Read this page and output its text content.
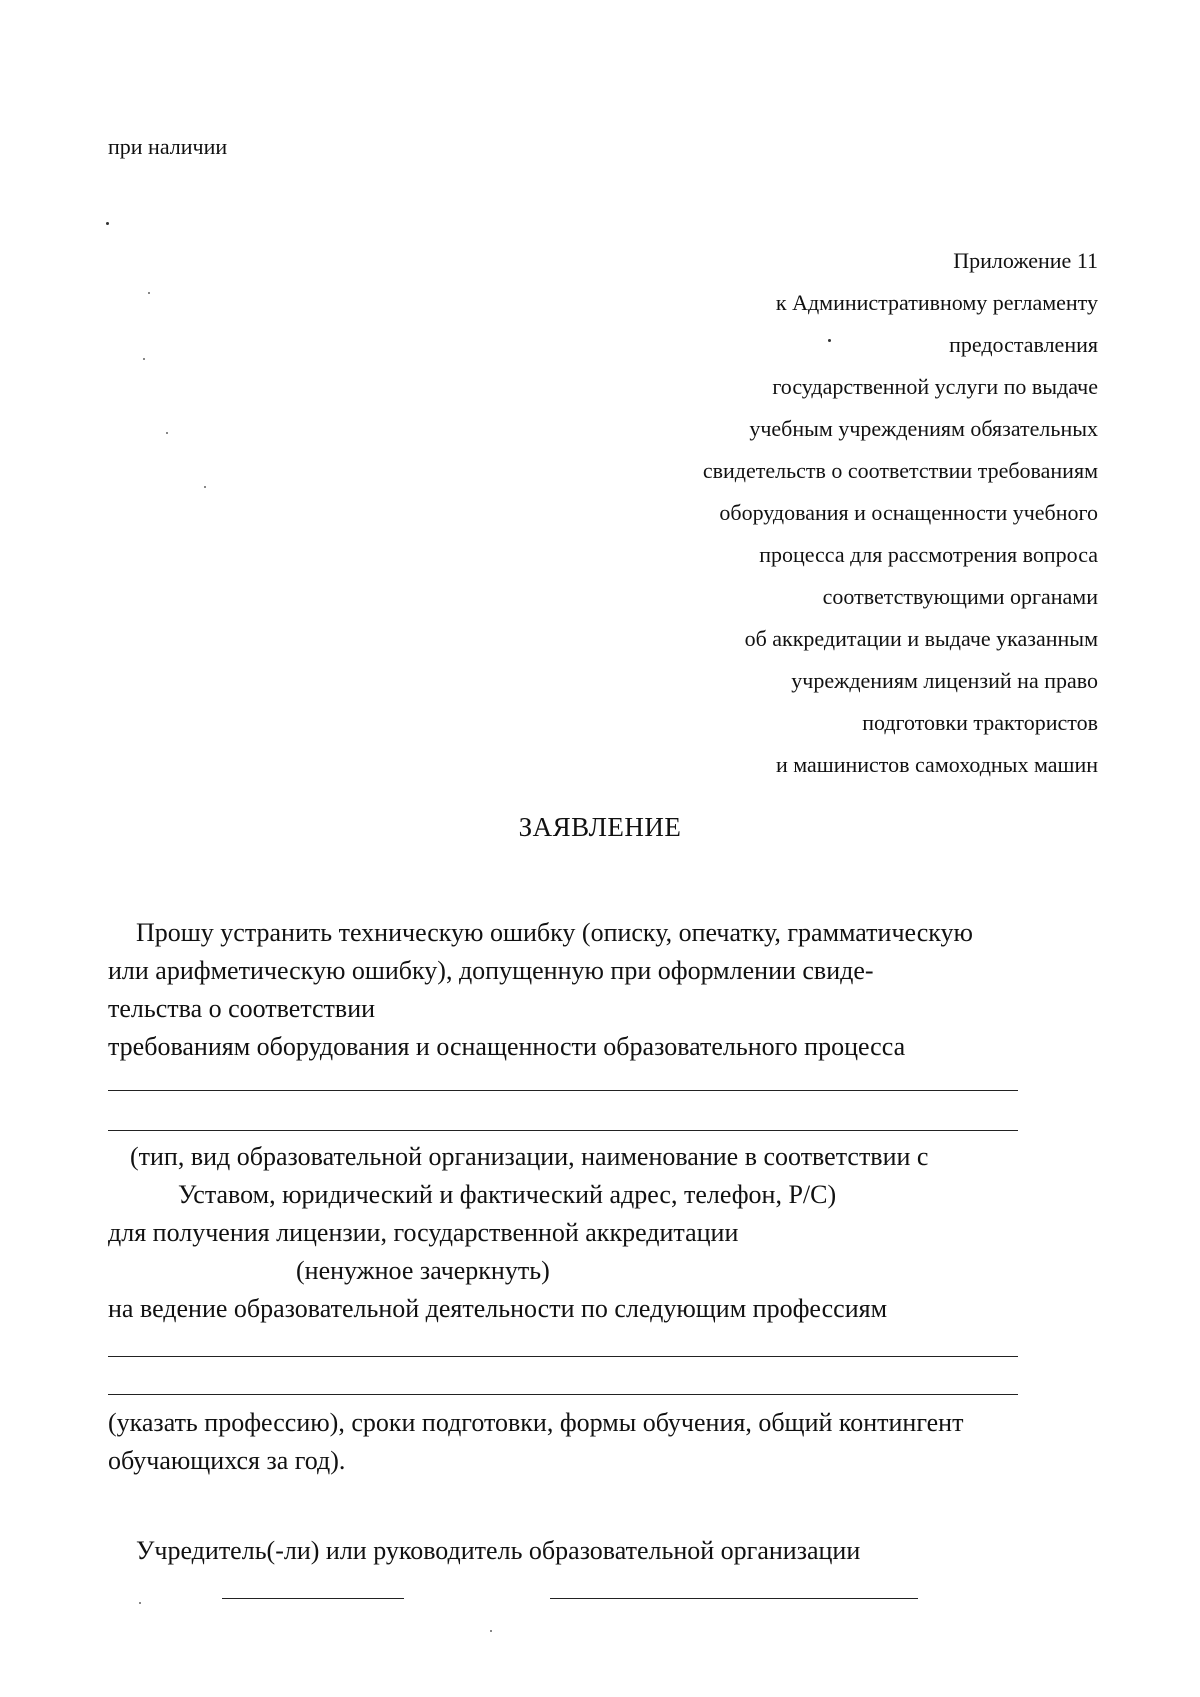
при наличии
Приложение 11
к Административному регламенту
предоставления
государственной услуги по выдаче
учебным учреждениям обязательных
свидетельств о соответствии требованиям
оборудования и оснащенности учебного
процесса для рассмотрения вопроса
соответствующими органами
об аккредитации и выдаче указанным
учреждениям лицензий на право
подготовки трактористов
и машинистов самоходных машин
ЗАЯВЛЕНИЕ
Прошу устранить техническую ошибку (описку, опечатку, грамматическую
или арифметическую ошибку), допущенную при оформлении свиде-
тельства о соответствии
требованиям оборудования и оснащенности образовательного процесса
(тип, вид образовательной организации, наименование в соответствии с
Уставом, юридический и фактический адрес, телефон, Р/С)
для получения лицензии, государственной аккредитации
(ненужное зачеркнуть)
на ведение образовательной деятельности по следующим профессиям
(указать профессию), сроки подготовки, формы обучения, общий контингент
обучающихся за год).
Учредитель(-ли) или руководитель образовательной организации
